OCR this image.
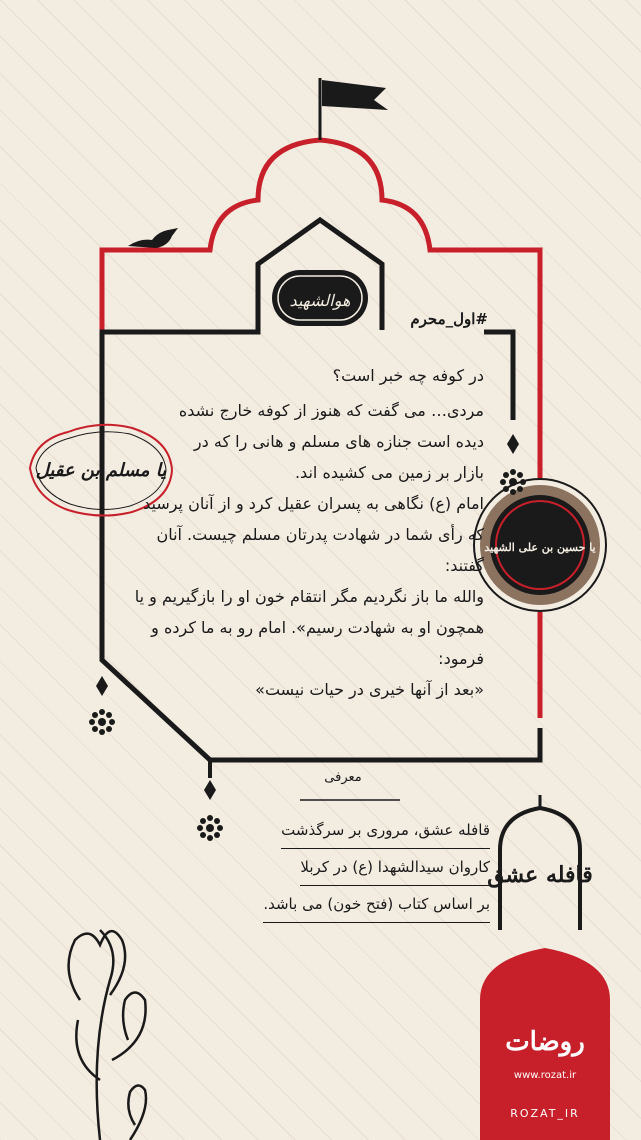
هوالشهید
یا مسلم بن عقیل
یا حسین بن علی الشهید
قافله عشق
روضات
www.rozat.ir
#اول_محرم

در کوفه چه خبر است؟

مردی… می گفت که هنوز از کوفه خارج نشده

دیده است جنازه های مسلم و هانی را که در

بازار بر زمین می کشیده اند.

امام (ع) نگاهی به پسران عقیل کرد و از آنان پرسید

که رأی شما در شهادت پدرتان مسلم چیست. آنان گفتند:

والله ما باز نگردیم مگر انتقام خون او را بازگیریم و یا

همچون او به شهادت رسیم». امام رو به ما کرده و فرمود:

«بعد از آنها خیری در حیات نیست»

معرفی

قافله عشق، مروری بر سرگذشت

کاروان سیدالشهدا (ع) در کربلا

بر اساس کتاب (فتح خون) می باشد.

ROZAT_IR
